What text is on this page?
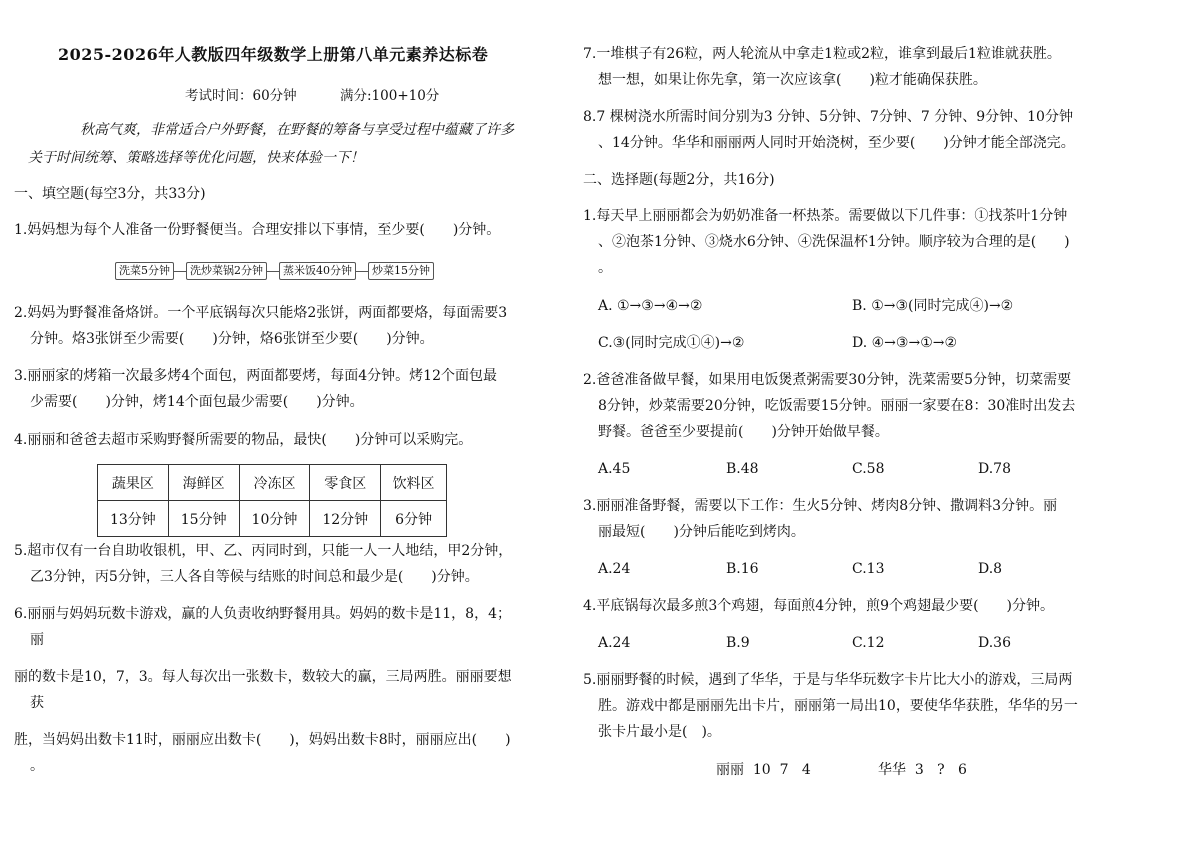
2025-2026年人教版四年级数学上册第八单元素养达标卷
考试时间：60分钟	满分:100+10分
秋高气爽，非常适合户外野餐，在野餐的筹备与享受过程中蕴藏了许多
关于时间统筹、策略选择等优化问题，快来体验一下！
一、填空题(每空3分，共33分)
1.妈妈想为每个人准备一份野餐便当。合理安排以下事情，至少要(　　)分钟。
洗菜5分钟	洗炒菜锅2分钟	蒸米饭40分钟	炒菜15分钟
2.妈妈为野餐准备烙饼。一个平底锅每次只能烙2张饼，两面都要烙，每面需要3
分钟。烙3张饼至少需要(　　)分钟，烙6张饼至少要(　　)分钟。
3.丽丽家的烤箱一次最多烤4个面包，两面都要烤，每面4分钟。烤12个面包最
少需要(　　)分钟，烤14个面包最少需要(　　)分钟。
4.丽丽和爸爸去超市采购野餐所需要的物品，最快(　　)分钟可以采购完。
蔬果区	海鲜区	冷冻区	零食区	饮料区
13分钟	15分钟	10分钟	12分钟	6分钟
5.超市仅有一台自助收银机，甲、乙、丙同时到，只能一人一人地结，甲2分钟，
乙3分钟，丙5分钟，三人各自等候与结账的时间总和最少是(　　)分钟。
6.丽丽与妈妈玩数卡游戏，赢的人负责收纳野餐用具。妈妈的数卡是11，8，4；
丽
丽的数卡是10，7，3。每人每次出一张数卡，数较大的赢，三局两胜。丽丽要想
获
胜，当妈妈出数卡11时，丽丽应出数卡(　　)，妈妈出数卡8时，丽丽应出(　　)
。
7.一堆棋子有26粒，两人轮流从中拿走1粒或2粒，谁拿到最后1粒谁就获胜。
想一想，如果让你先拿，第一次应该拿(　　)粒才能确保获胜。
8.7 棵树浇水所需时间分别为3 分钟、5分钟、7分钟、7 分钟、9分钟、10分钟
、14分钟。华华和丽丽两人同时开始浇树，至少要(　　)分钟才能全部浇完。
二、选择题(每题2分，共16分)
1.每天早上丽丽都会为奶奶准备一杯热茶。需要做以下几件事：①找茶叶1分钟
、②泡茶1分钟、③烧水6分钟、④洗保温杯1分钟。顺序较为合理的是(　　)
。
A. ①→③→④→②	B. ①→③(同时完成④)→②
C.③(同时完成①④)→②	D. ④→③→①→②
2.爸爸准备做早餐，如果用电饭煲煮粥需要30分钟，洗菜需要5分钟，切菜需要
8分钟，炒菜需要20分钟，吃饭需要15分钟。丽丽一家要在8：30准时出发去
野餐。爸爸至少要提前(　　)分钟开始做早餐。
A.45	B.48	C.58	D.78
3.丽丽准备野餐，需要以下工作：生火5分钟、烤肉8分钟、撒调料3分钟。丽
丽最短(　　)分钟后能吃到烤肉。
A.24	B.16	C.13	D.8
4.平底锅每次最多煎3个鸡翅，每面煎4分钟，煎9个鸡翅最少要(　　)分钟。
A.24	B.9	C.12	D.36
5.丽丽野餐的时候，遇到了华华，于是与华华玩数字卡片比大小的游戏，三局两
胜。游戏中都是丽丽先出卡片，丽丽第一局出10，要使华华获胜，华华的另一
张卡片最小是(　)。
丽丽  10  7   4	华华  3   ?   6
